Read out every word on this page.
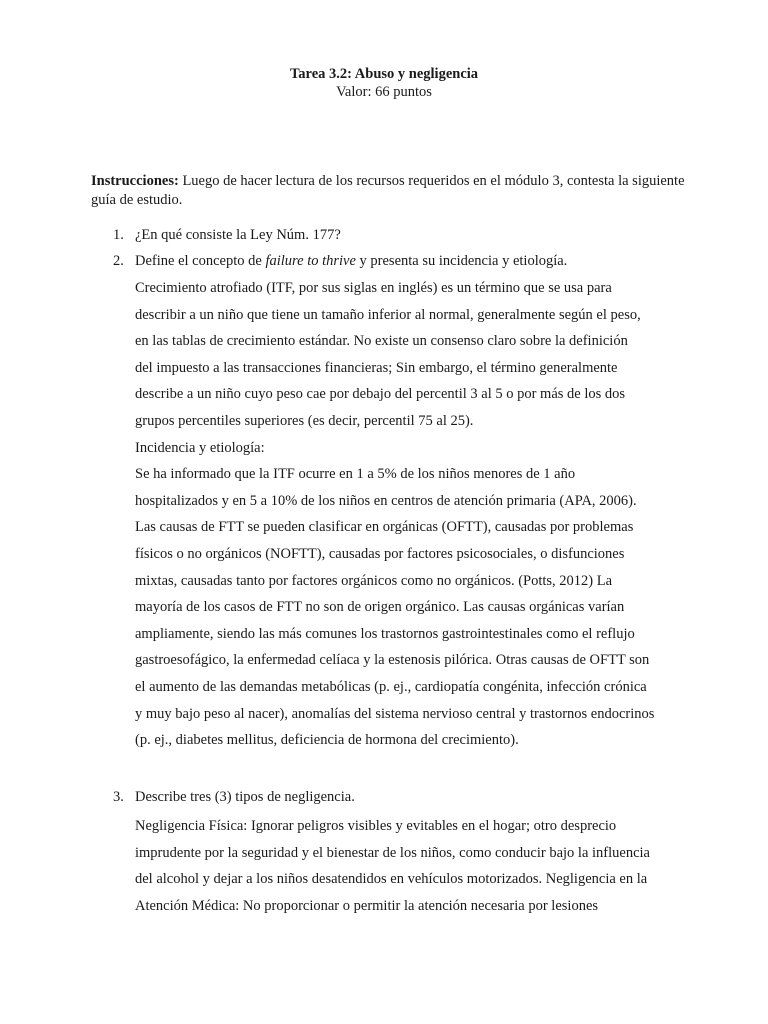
Tarea 3.2: Abuso y negligencia
Valor: 66 puntos
Instrucciones: Luego de hacer lectura de los recursos requeridos en el módulo 3, contesta la siguiente guía de estudio.
1. ¿En qué consiste la Ley Núm. 177?
2. Define el concepto de failure to thrive y presenta su incidencia y etiología.
Crecimiento atrofiado (ITF, por sus siglas en inglés) es un término que se usa para
describir a un niño que tiene un tamaño inferior al normal, generalmente según el peso,
en las tablas de crecimiento estándar. No existe un consenso claro sobre la definición
del impuesto a las transacciones financieras; Sin embargo, el término generalmente
describe a un niño cuyo peso cae por debajo del percentil 3 al 5 o por más de los dos
grupos percentiles superiores (es decir, percentil 75 al 25).
Incidencia y etiología:
Se ha informado que la ITF ocurre en 1 a 5% de los niños menores de 1 año
hospitalizados y en 5 a 10% de los niños en centros de atención primaria (APA, 2006).
Las causas de FTT se pueden clasificar en orgánicas (OFTT), causadas por problemas
físicos o no orgánicos (NOFTT), causadas por factores psicosociales, o disfunciones
mixtas, causadas tanto por factores orgánicos como no orgánicos. (Potts, 2012) La
mayoría de los casos de FTT no son de origen orgánico. Las causas orgánicas varían
ampliamente, siendo las más comunes los trastornos gastrointestinales como el reflujo
gastroesofágico, la enfermedad celíaca y la estenosis pilórica. Otras causas de OFTT son
el aumento de las demandas metabólicas (p. ej., cardiopatía congénita, infección crónica
y muy bajo peso al nacer), anomalías del sistema nervioso central y trastornos endocrinos
(p. ej., diabetes mellitus, deficiencia de hormona del crecimiento).
3. Describe tres (3) tipos de negligencia.
Negligencia Física: Ignorar peligros visibles y evitables en el hogar; otro desprecio
imprudente por la seguridad y el bienestar de los niños, como conducir bajo la influencia
del alcohol y dejar a los niños desatendidos en vehículos motorizados. Negligencia en la
Atención Médica: No proporcionar o permitir la atención necesaria por lesiones
